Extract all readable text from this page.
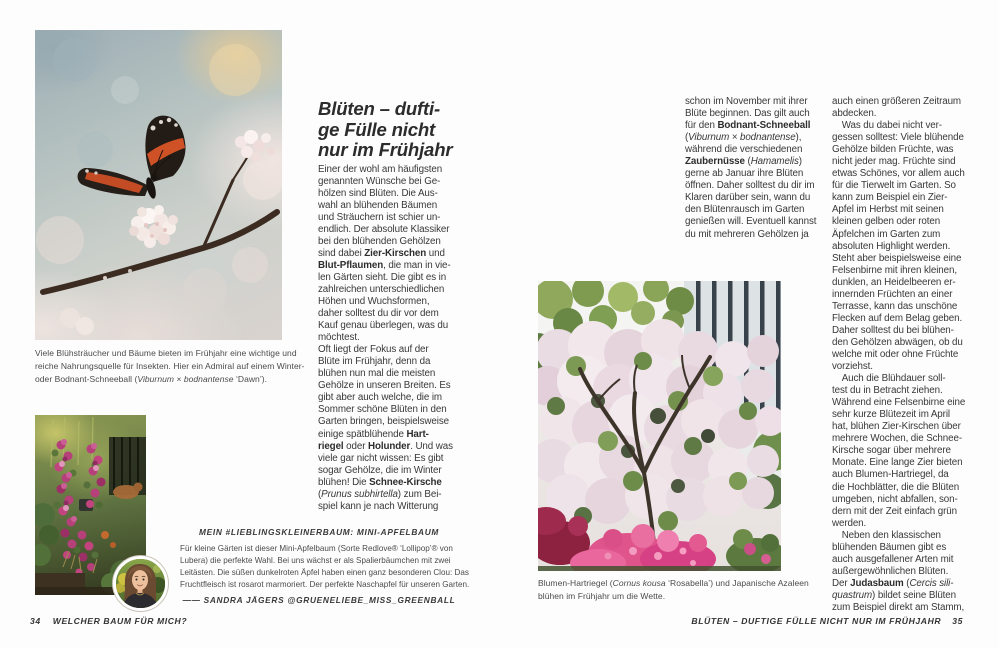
Viele Blühsträucher und Bäume bieten im Frühjahr eine wichtige und
reiche Nahrungsquelle für Insekten. Hier ein Admiral auf einem Winter-
oder Bodnant-Schneeball (Viburnum × bodnantense ‘Dawn’).
Blüten – dufti-
ge Fülle nicht
nur im Frühjahr
Einer der wohl am häufigsten
genannten Wünsche bei Ge-
hölzen sind Blüten. Die Aus-
wahl an blühenden Bäumen
und Sträuchern ist schier un-
endlich. Der absolute Klassiker
bei den blühenden Gehölzen
sind dabei Zier-Kirschen und
Blut-Pflaumen, die man in vie-
len Gärten sieht. Die gibt es in
zahlreichen unterschiedlichen
Höhen und Wuchsformen,
daher solltest du dir vor dem
Kauf genau überlegen, was du
möchtest.
Oft liegt der Fokus auf der
Blüte im Frühjahr, denn da
blühen nun mal die meisten
Gehölze in unseren Breiten. Es
gibt aber auch welche, die im
Sommer schöne Blüten in den
Garten bringen, beispielsweise
einige spätblühende Hart-
riegel oder Holunder. Und was
viele gar nicht wissen: Es gibt
sogar Gehölze, die im Winter
blühen! Die Schnee-Kirsche
(Prunus subhirtella) zum Bei-
spiel kann je nach Witterung
schon im November mit ihrer
Blüte beginnen. Das gilt auch
für den Bodnant-Schneeball
(Viburnum × bodnantense),
während die verschiedenen
Zaubernüsse (Hamamelis)
gerne ab Januar ihre Blüten
öffnen. Daher solltest du dir im
Klaren darüber sein, wann du
den Blütenrausch im Garten
genießen will. Eventuell kannst
du mit mehreren Gehölzen ja
auch einen größeren Zeitraum
abdecken.
 Was du dabei nicht ver-
gessen solltest: Viele blühende
Gehölze bilden Früchte, was
nicht jeder mag. Früchte sind
etwas Schönes, vor allem auch
für die Tierwelt im Garten. So
kann zum Beispiel ein Zier-
Apfel im Herbst mit seinen
kleinen gelben oder roten
Äpfelchen im Garten zum
absoluten Highlight werden.
Steht aber beispielsweise eine
Felsenbirne mit ihren kleinen,
dunklen, an Heidelbeeren er-
innernden Früchten an einer
Terrasse, kann das unschöne
Flecken auf dem Belag geben.
Daher solltest du bei blühen-
den Gehölzen abwägen, ob du
welche mit oder ohne Früchte
vorziehst.
 Auch die Blühdauer soll-
test du in Betracht ziehen.
Während eine Felsenbirne eine
sehr kurze Blütezeit im April
hat, blühen Zier-Kirschen über
mehrere Wochen, die Schnee-
Kirsche sogar über mehrere
Monate. Eine lange Zier bieten
auch Blumen-Hartriegel, da
die Hochblätter, die die Blüten
umgeben, nicht abfallen, son-
dern mit der Zeit einfach grün
werden.
 Neben den klassischen
blühenden Bäumen gibt es
auch ausgefallener Arten mit
außergewöhnlichen Blüten.
Der Judasbaum (Cercis sili-
quastrum) bildet seine Blüten
zum Beispiel direkt am Stamm,
Blumen-Hartriegel (Cornus kousa ‘Rosabella’) und Japanische Azaleen
blühen im Frühjahr um die Wette.
MEIN #LIEBLINGSKLEINERBAUM: MINI-APFELBAUM
Für kleine Gärten ist dieser Mini-Apfelbaum (Sorte Redlove® ‘Lollipop’® von
Lubera) die perfekte Wahl. Bei uns wächst er als Spalierbäumchen mit zwei
Leitästen. Die süßen dunkelroten Äpfel haben einen ganz besonderen Clou: Das
Fruchtfleisch ist rosarot marmoriert. Der perfekte Naschapfel für unseren Garten.
—— SANDRA JÄGERS @GRUENELIEBE_MISS_GREENBALL
34 WELCHER BAUM FÜR MICH?	BLÜTEN – DUFTIGE FÜLLE NICHT NUR IM FRÜHJAHR 35
